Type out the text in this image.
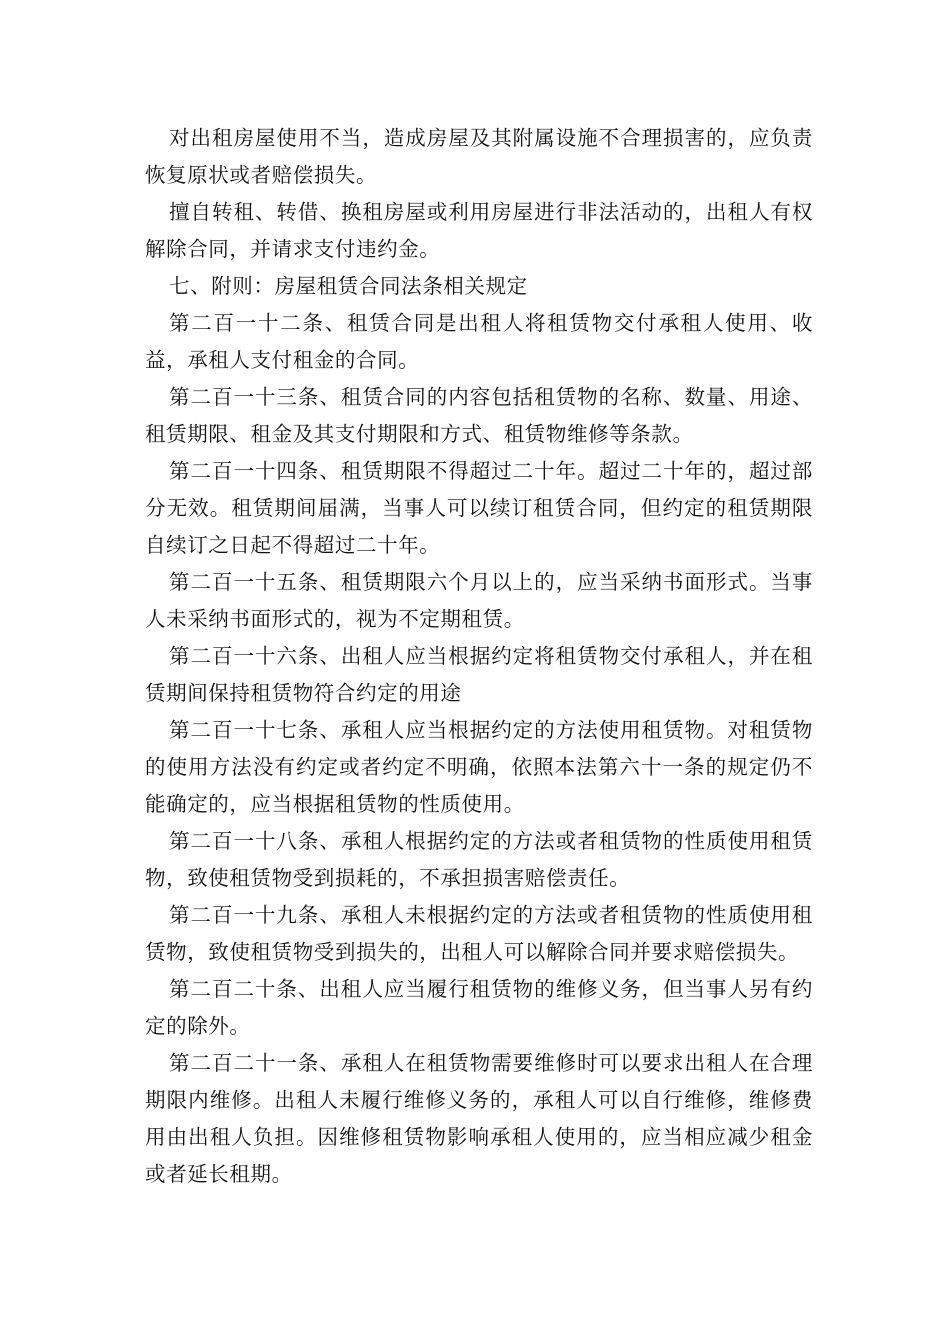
对出租房屋使用不当，造成房屋及其附属设施不合理损害的，应负责恢复原状或者赔偿损失。

擅自转租、转借、换租房屋或利用房屋进行非法活动的，出租人有权解除合同，并请求支付违约金。

七、附则：房屋租赁合同法条相关规定

第二百一十二条、租赁合同是出租人将租赁物交付承租人使用、收益，承租人支付租金的合同。

第二百一十三条、租赁合同的内容包括租赁物的名称、数量、用途、租赁期限、租金及其支付期限和方式、租赁物维修等条款。

第二百一十四条、租赁期限不得超过二十年。超过二十年的，超过部分无效。租赁期间届满，当事人可以续订租赁合同，但约定的租赁期限自续订之日起不得超过二十年。

第二百一十五条、租赁期限六个月以上的，应当采纳书面形式。当事人未采纳书面形式的，视为不定期租赁。

第二百一十六条、出租人应当根据约定将租赁物交付承租人，并在租赁期间保持租赁物符合约定的用途

第二百一十七条、承租人应当根据约定的方法使用租赁物。对租赁物的使用方法没有约定或者约定不明确，依照本法第六十一条的规定仍不能确定的，应当根据租赁物的性质使用。

第二百一十八条、承租人根据约定的方法或者租赁物的性质使用租赁物，致使租赁物受到损耗的，不承担损害赔偿责任。

第二百一十九条、承租人未根据约定的方法或者租赁物的性质使用租赁物，致使租赁物受到损失的，出租人可以解除合同并要求赔偿损失。

第二百二十条、出租人应当履行租赁物的维修义务，但当事人另有约定的除外。

第二百二十一条、承租人在租赁物需要维修时可以要求出租人在合理期限内维修。出租人未履行维修义务的，承租人可以自行维修，维修费用由出租人负担。因维修租赁物影响承租人使用的，应当相应减少租金或者延长租期。
